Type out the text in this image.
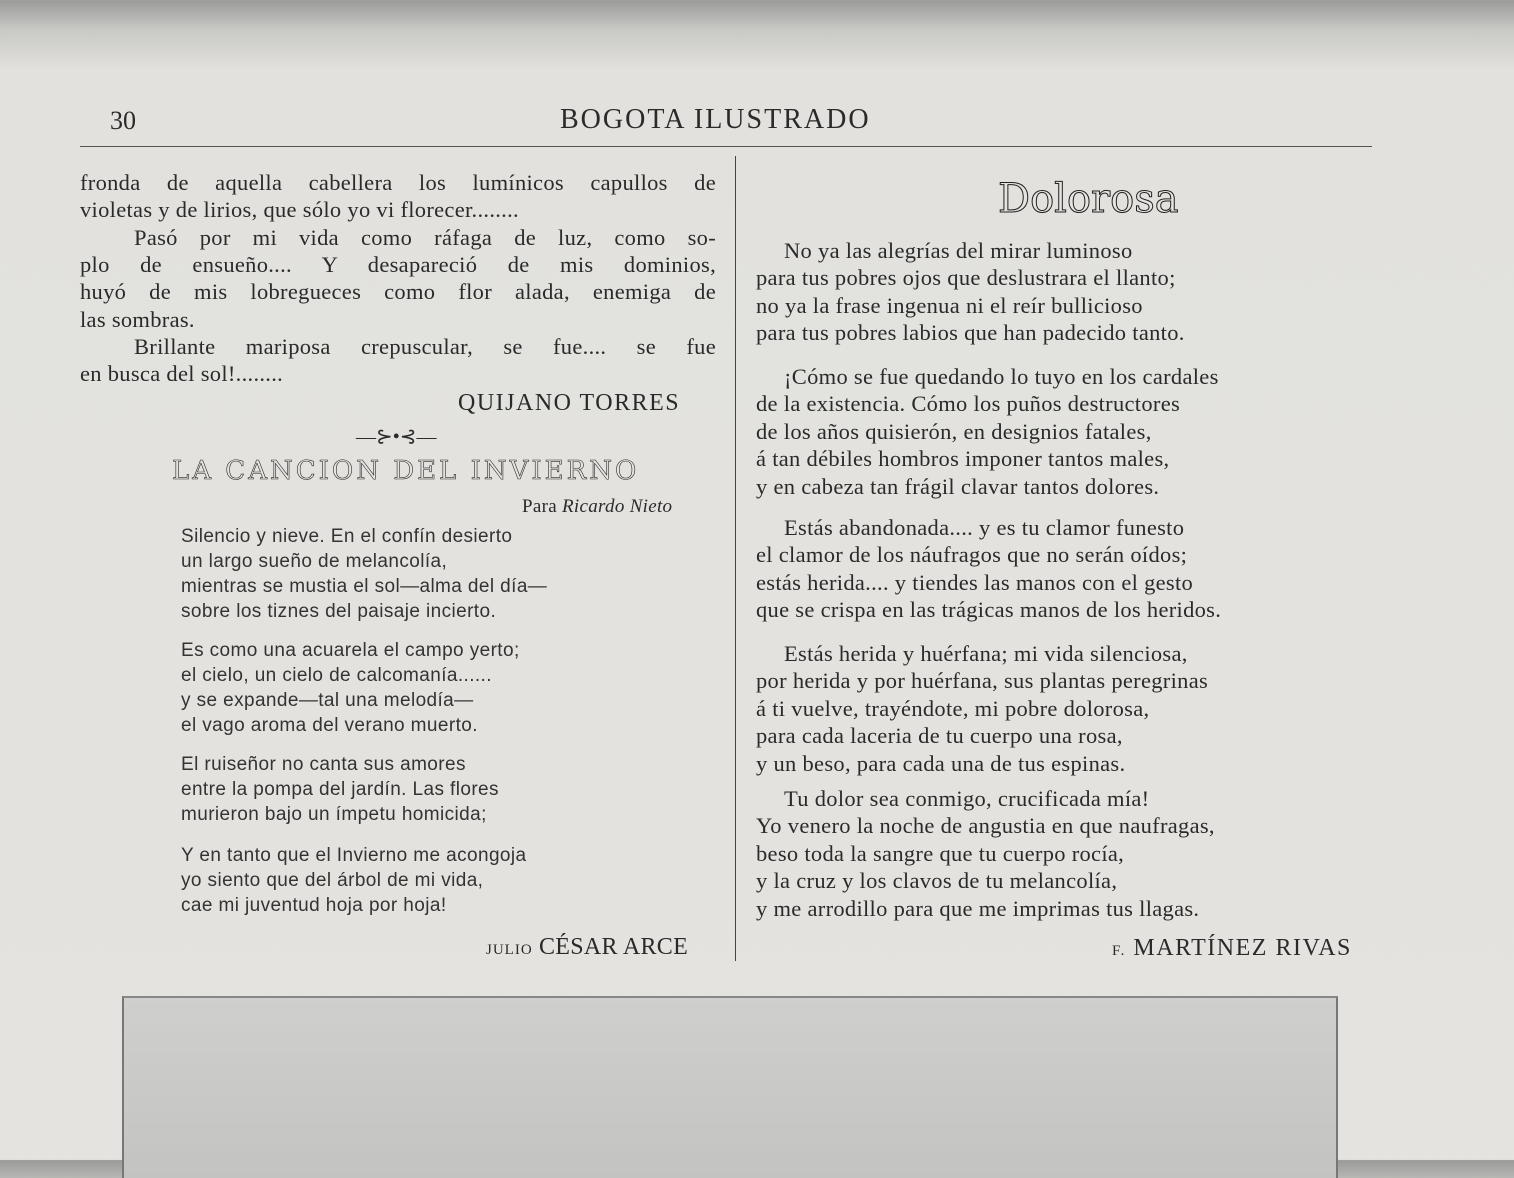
30	BOGOTA ILUSTRADO
fronda de aquella cabellera los lumínicos capullos de
violetas y de lirios, que sólo yo vi florecer........
Pasó por mi vida como ráfaga de luz, como so-
plo de ensueño.... Y desapareció de mis dominios,
huyó de mis lobregueces como flor alada, enemiga de
las sombras.
Brillante mariposa crepuscular, se fue.... se fue
en busca del sol!........
Silencio y nieve. En el confín desierto
un largo sueño de melancolía,
mientras se mustia el sol—alma del día—
sobre los tiznes del paisaje incierto.
Es como una acuarela el campo yerto;
el cielo, un cielo de calcomanía......
y se expande—tal una melodía—
el vago aroma del verano muerto.
El ruiseñor no canta sus amores
entre la pompa del jardín. Las flores
murieron bajo un ímpetu homicida;
Y en tanto que el Invierno me acongoja
yo siento que del árbol de mi vida,
cae mi juventud hoja por hoja!
QUIJANO TORRES
—⊱•⊰—
LA CANCION DEL INVIERNO
Para Ricardo Nieto
JULIO CÉSAR ARCE
Dolorosa
No ya las alegrías del mirar luminoso
para tus pobres ojos que deslustrara el llanto;
no ya la frase ingenua ni el reír bullicioso
para tus pobres labios que han padecido tanto.
¡Cómo se fue quedando lo tuyo en los cardales
de la existencia. Cómo los puños destructores
de los años quisierón, en designios fatales,
á tan débiles hombros imponer tantos males,
y en cabeza tan frágil clavar tantos dolores.
Estás abandonada.... y es tu clamor funesto
el clamor de los náufragos que no serán oídos;
estás herida.... y tiendes las manos con el gesto
que se crispa en las trágicas manos de los heridos.
Estás herida y huérfana; mi vida silenciosa,
por herida y por huérfana, sus plantas peregrinas
á ti vuelve, trayéndote, mi pobre dolorosa,
para cada laceria de tu cuerpo una rosa,
y un beso, para cada una de tus espinas.
Tu dolor sea conmigo, crucificada mía!
Yo venero la noche de angustia en que naufragas,
beso toda la sangre que tu cuerpo rocía,
y la cruz y los clavos de tu melancolía,
y me arrodillo para que me imprimas tus llagas.
F. MARTÍNEZ RIVAS
